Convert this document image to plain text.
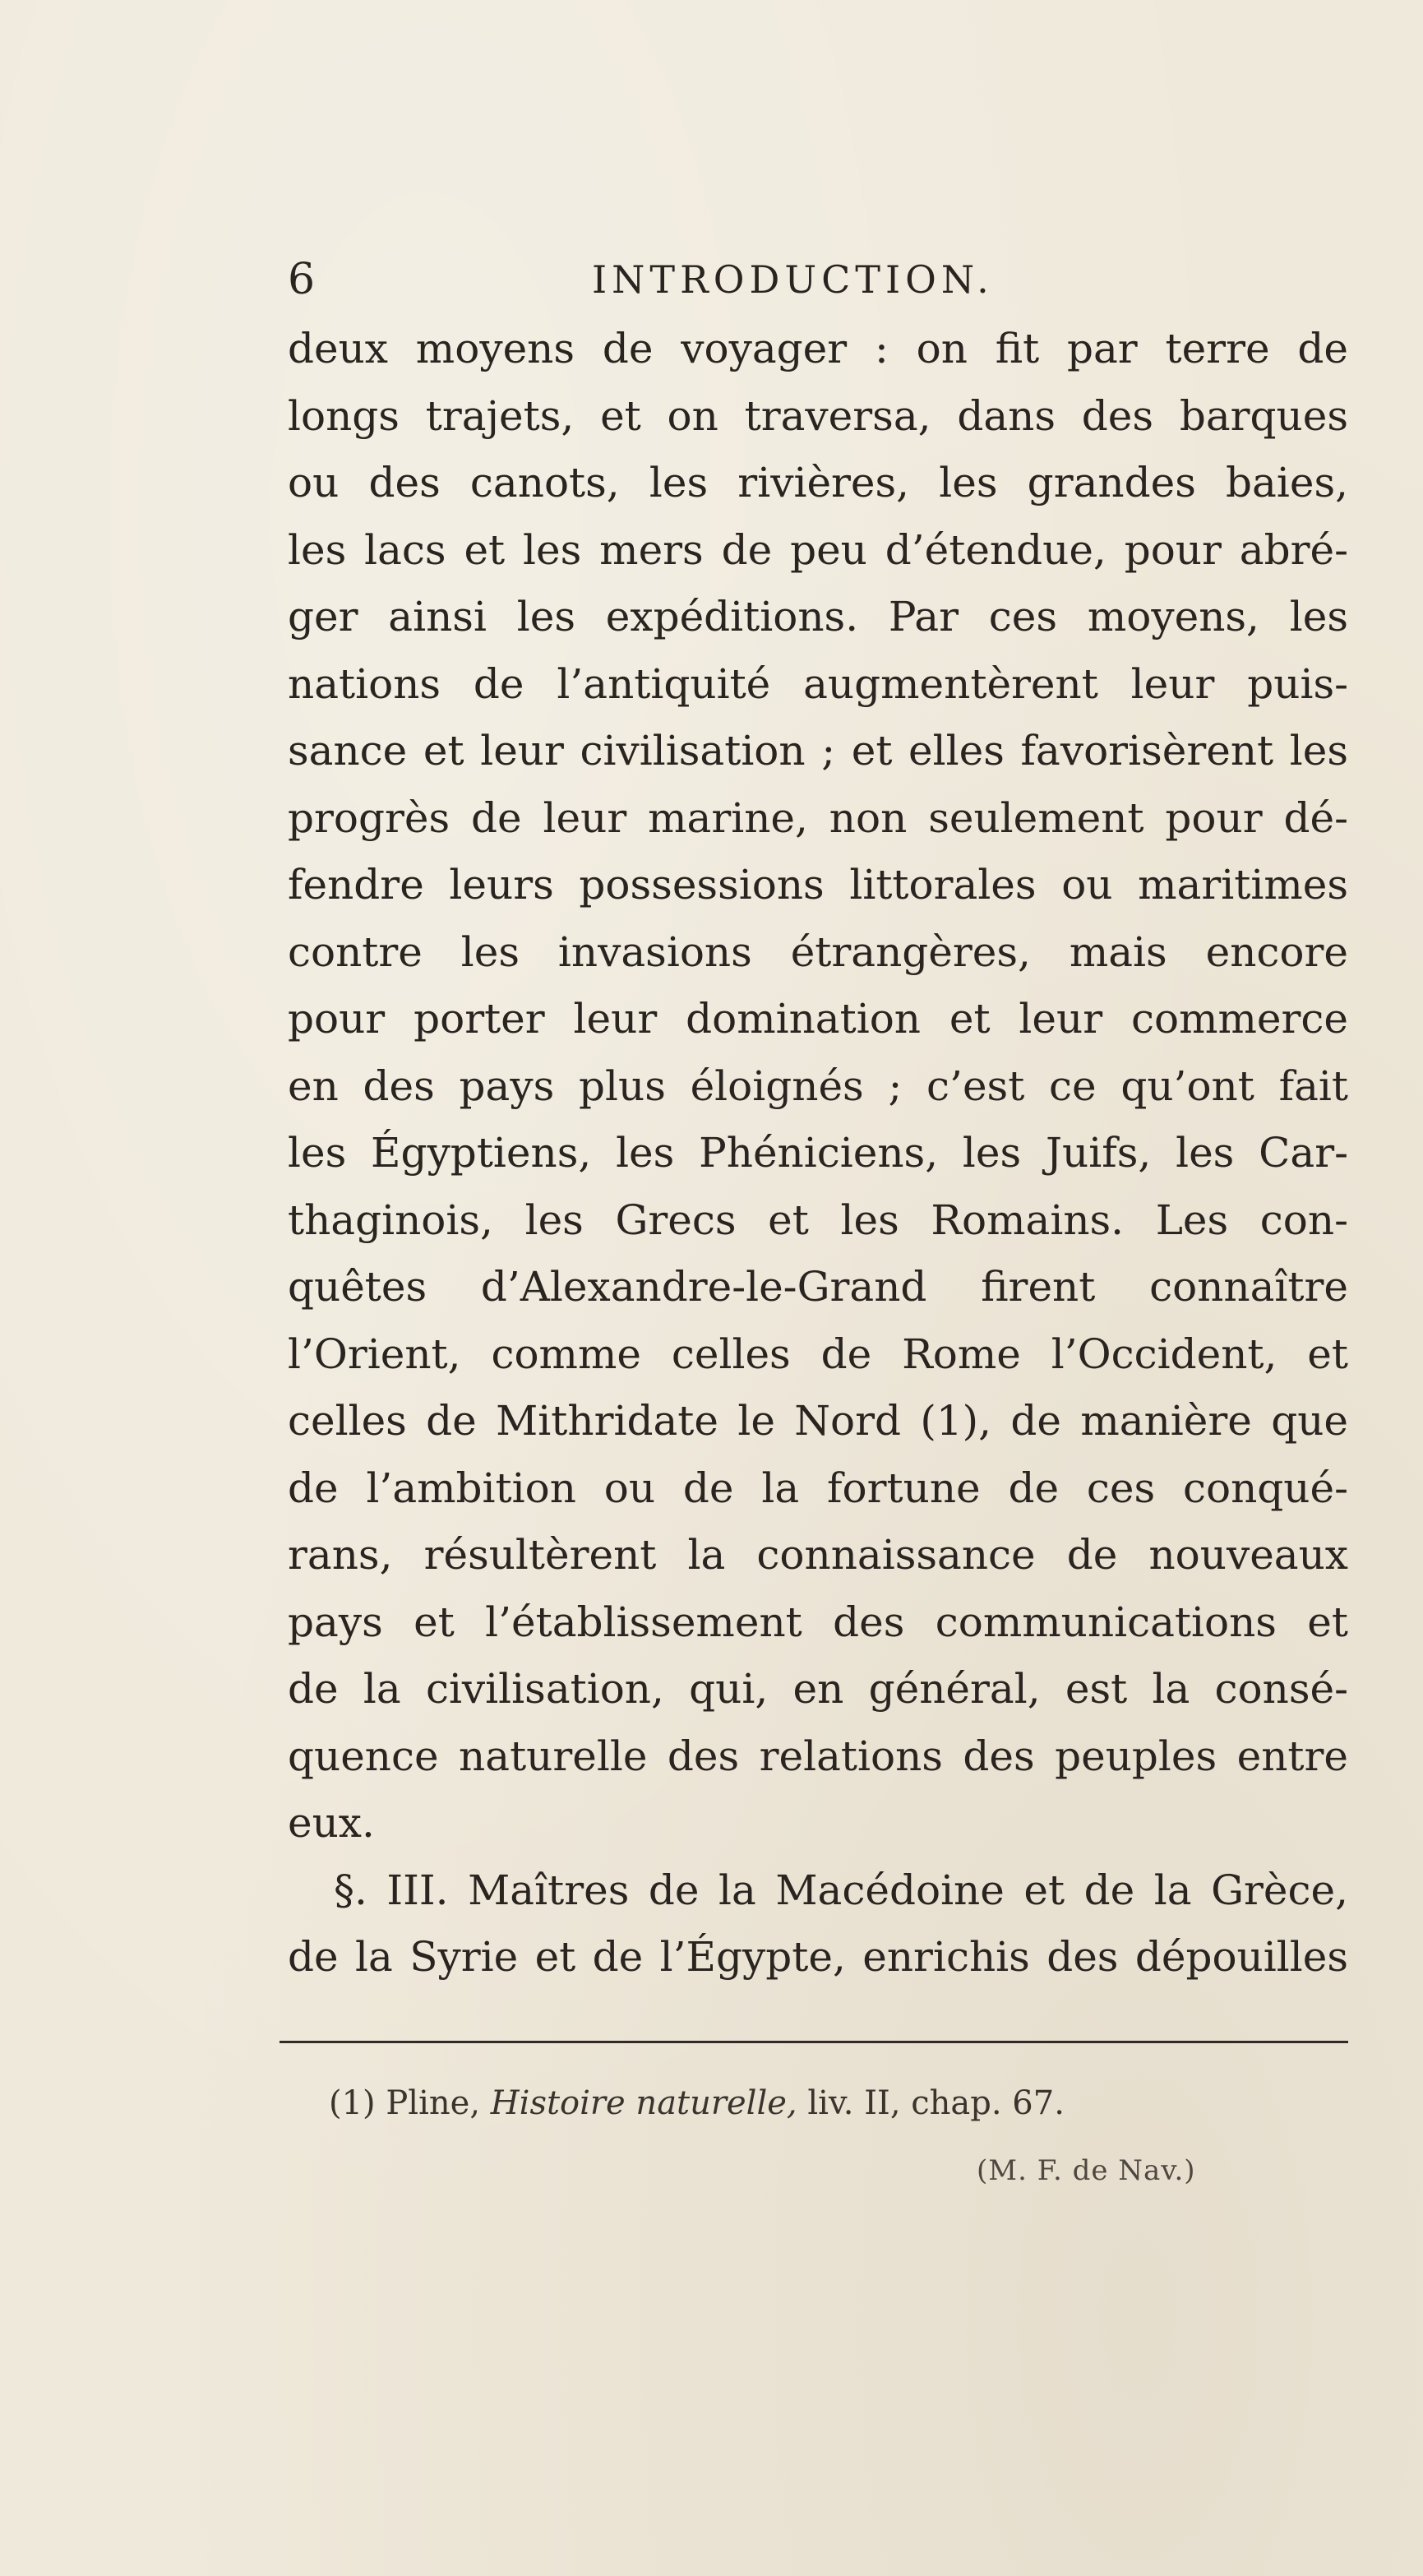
6	INTRODUCTION.
deux moyens de voyager : on fit par terre de
longs trajets, et on traversa, dans des barques
ou des canots, les rivières, les grandes baies,
les lacs et les mers de peu d’étendue, pour abré-
ger ainsi les expéditions. Par ces moyens, les
nations de l’antiquité augmentèrent leur puis-
sance et leur civilisation ; et elles favorisèrent les
progrès de leur marine, non seulement pour dé-
fendre leurs possessions littorales ou maritimes
contre les invasions étrangères, mais encore
pour porter leur domination et leur commerce
en des pays plus éloignés ; c’est ce qu’ont fait
les Égyptiens, les Phéniciens, les Juifs, les Car-
thaginois, les Grecs et les Romains. Les con-
quêtes d’Alexandre-le-Grand firent connaître
l’Orient, comme celles de Rome l’Occident, et
celles de Mithridate le Nord (1), de manière que
de l’ambition ou de la fortune de ces conqué-
rans, résultèrent la connaissance de nouveaux
pays et l’établissement des communications et
de la civilisation, qui, en général, est la consé-
quence naturelle des relations des peuples entre
eux.
§. III. Maîtres de la Macédoine et de la Grèce,
de la Syrie et de l’Égypte, enrichis des dépouilles
(1) Pline, Histoire naturelle, liv. II, chap. 67.
(M. F. de Nav.)
